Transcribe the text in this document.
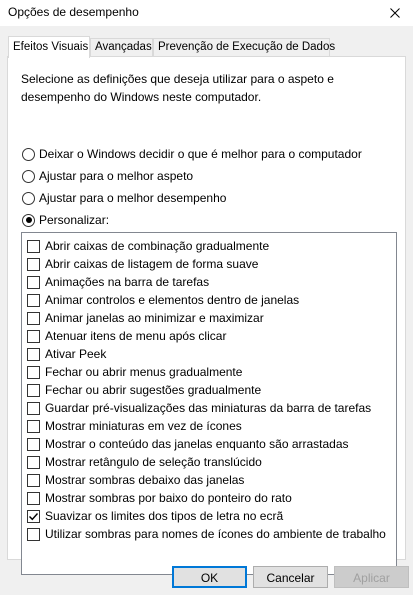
Opções de desempenho
Efeitos Visuais Avançadas Prevenção de Execução de Dados
Selecione as definições que deseja utilizar para o aspeto e desempenho do Windows neste computador.
Deixar o Windows decidir o que é melhor para o computador
Ajustar para o melhor aspeto
Ajustar para o melhor desempenho
Personalizar:
Abrir caixas de combinação gradualmente
Abrir caixas de listagem de forma suave
Animações na barra de tarefas
Animar controlos e elementos dentro de janelas
Animar janelas ao minimizar e maximizar
Atenuar itens de menu após clicar
Ativar Peek
Fechar ou abrir menus gradualmente
Fechar ou abrir sugestões gradualmente
Guardar pré-visualizações das miniaturas da barra de tarefas
Mostrar miniaturas em vez de ícones
Mostrar o conteúdo das janelas enquanto são arrastadas
Mostrar retângulo de seleção translúcido
Mostrar sombras debaixo das janelas
Mostrar sombras por baixo do ponteiro do rato
Suavizar os limites dos tipos de letra no ecrã
Utilizar sombras para nomes de ícones do ambiente de trabalho
OK	Cancelar	Aplicar
